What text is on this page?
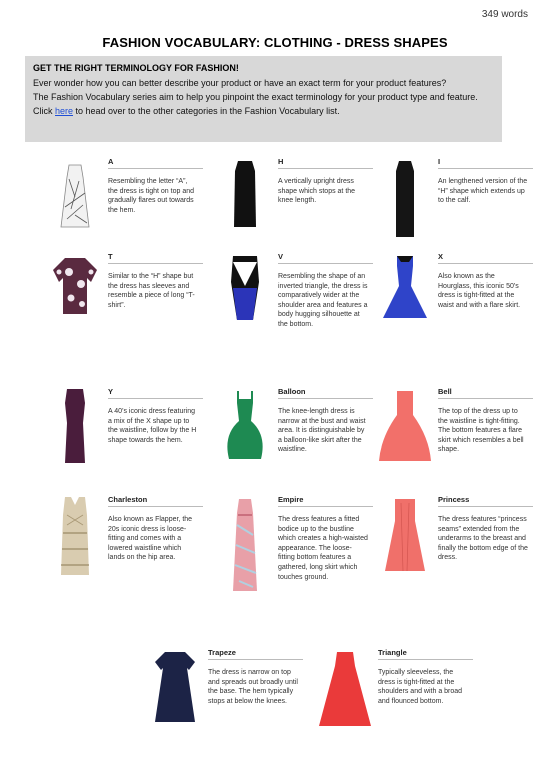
349 words
FASHION VOCABULARY: CLOTHING - DRESS SHAPES
GET THE RIGHT TERMINOLOGY FOR FASHION!
Ever wonder how you can better describe your product or have an exact term for your product features?
The Fashion Vocabulary series aim to help you pinpoint the exact terminology for your product type and feature.
Click here to head over to the other categories in the Fashion Vocabulary list.
A
Resembling the letter “A”, the dress is tight on top and gradually flares out towards the hem.
H
A vertically upright dress shape which stops at the knee length.
I
An lengthened version of the “H” shape which extends up to the calf.
T
Similar to the “H” shape but the dress has sleeves and resemble a piece of long “T-shirt”.
V
Resembling the shape of an inverted triangle, the dress is comparatively wider at the shoulder area and features a body hugging silhouette at the bottom.
X
Also known as the Hourglass, this iconic 50’s dress is tight-fitted at the waist and with a flare skirt.
Y
A 40’s iconic dress featuring a mix of the X shape up to the waistline, follow by the H shape towards the hem.
Balloon
The knee-length dress is narrow at the bust and waist area. It is distinguishable by a balloon-like skirt after the waistline.
Bell
The top of the dress up to the waistline is tight-fitting. The bottom features a flare skirt which resembles a bell shape.
Charleston
Also known as Flapper, the 20s iconic dress is loose-fitting and comes with a lowered waistline which lands on the hip area.
Empire
The dress features a fitted bodice up to the bustline which creates a high-waisted appearance. The loose-fitting bottom features a gathered, long skirt which touches ground.
Princess
The dress features “princess seams” extended from the underarms to the breast and finally the bottom edge of the dress.
Trapeze
The dress is narrow on top and spreads out broadly until the base. The hem typically stops at below the knees.
Triangle
Typically sleeveless, the dress is tight-fitted at the shoulders and with a broad and flounced bottom.
